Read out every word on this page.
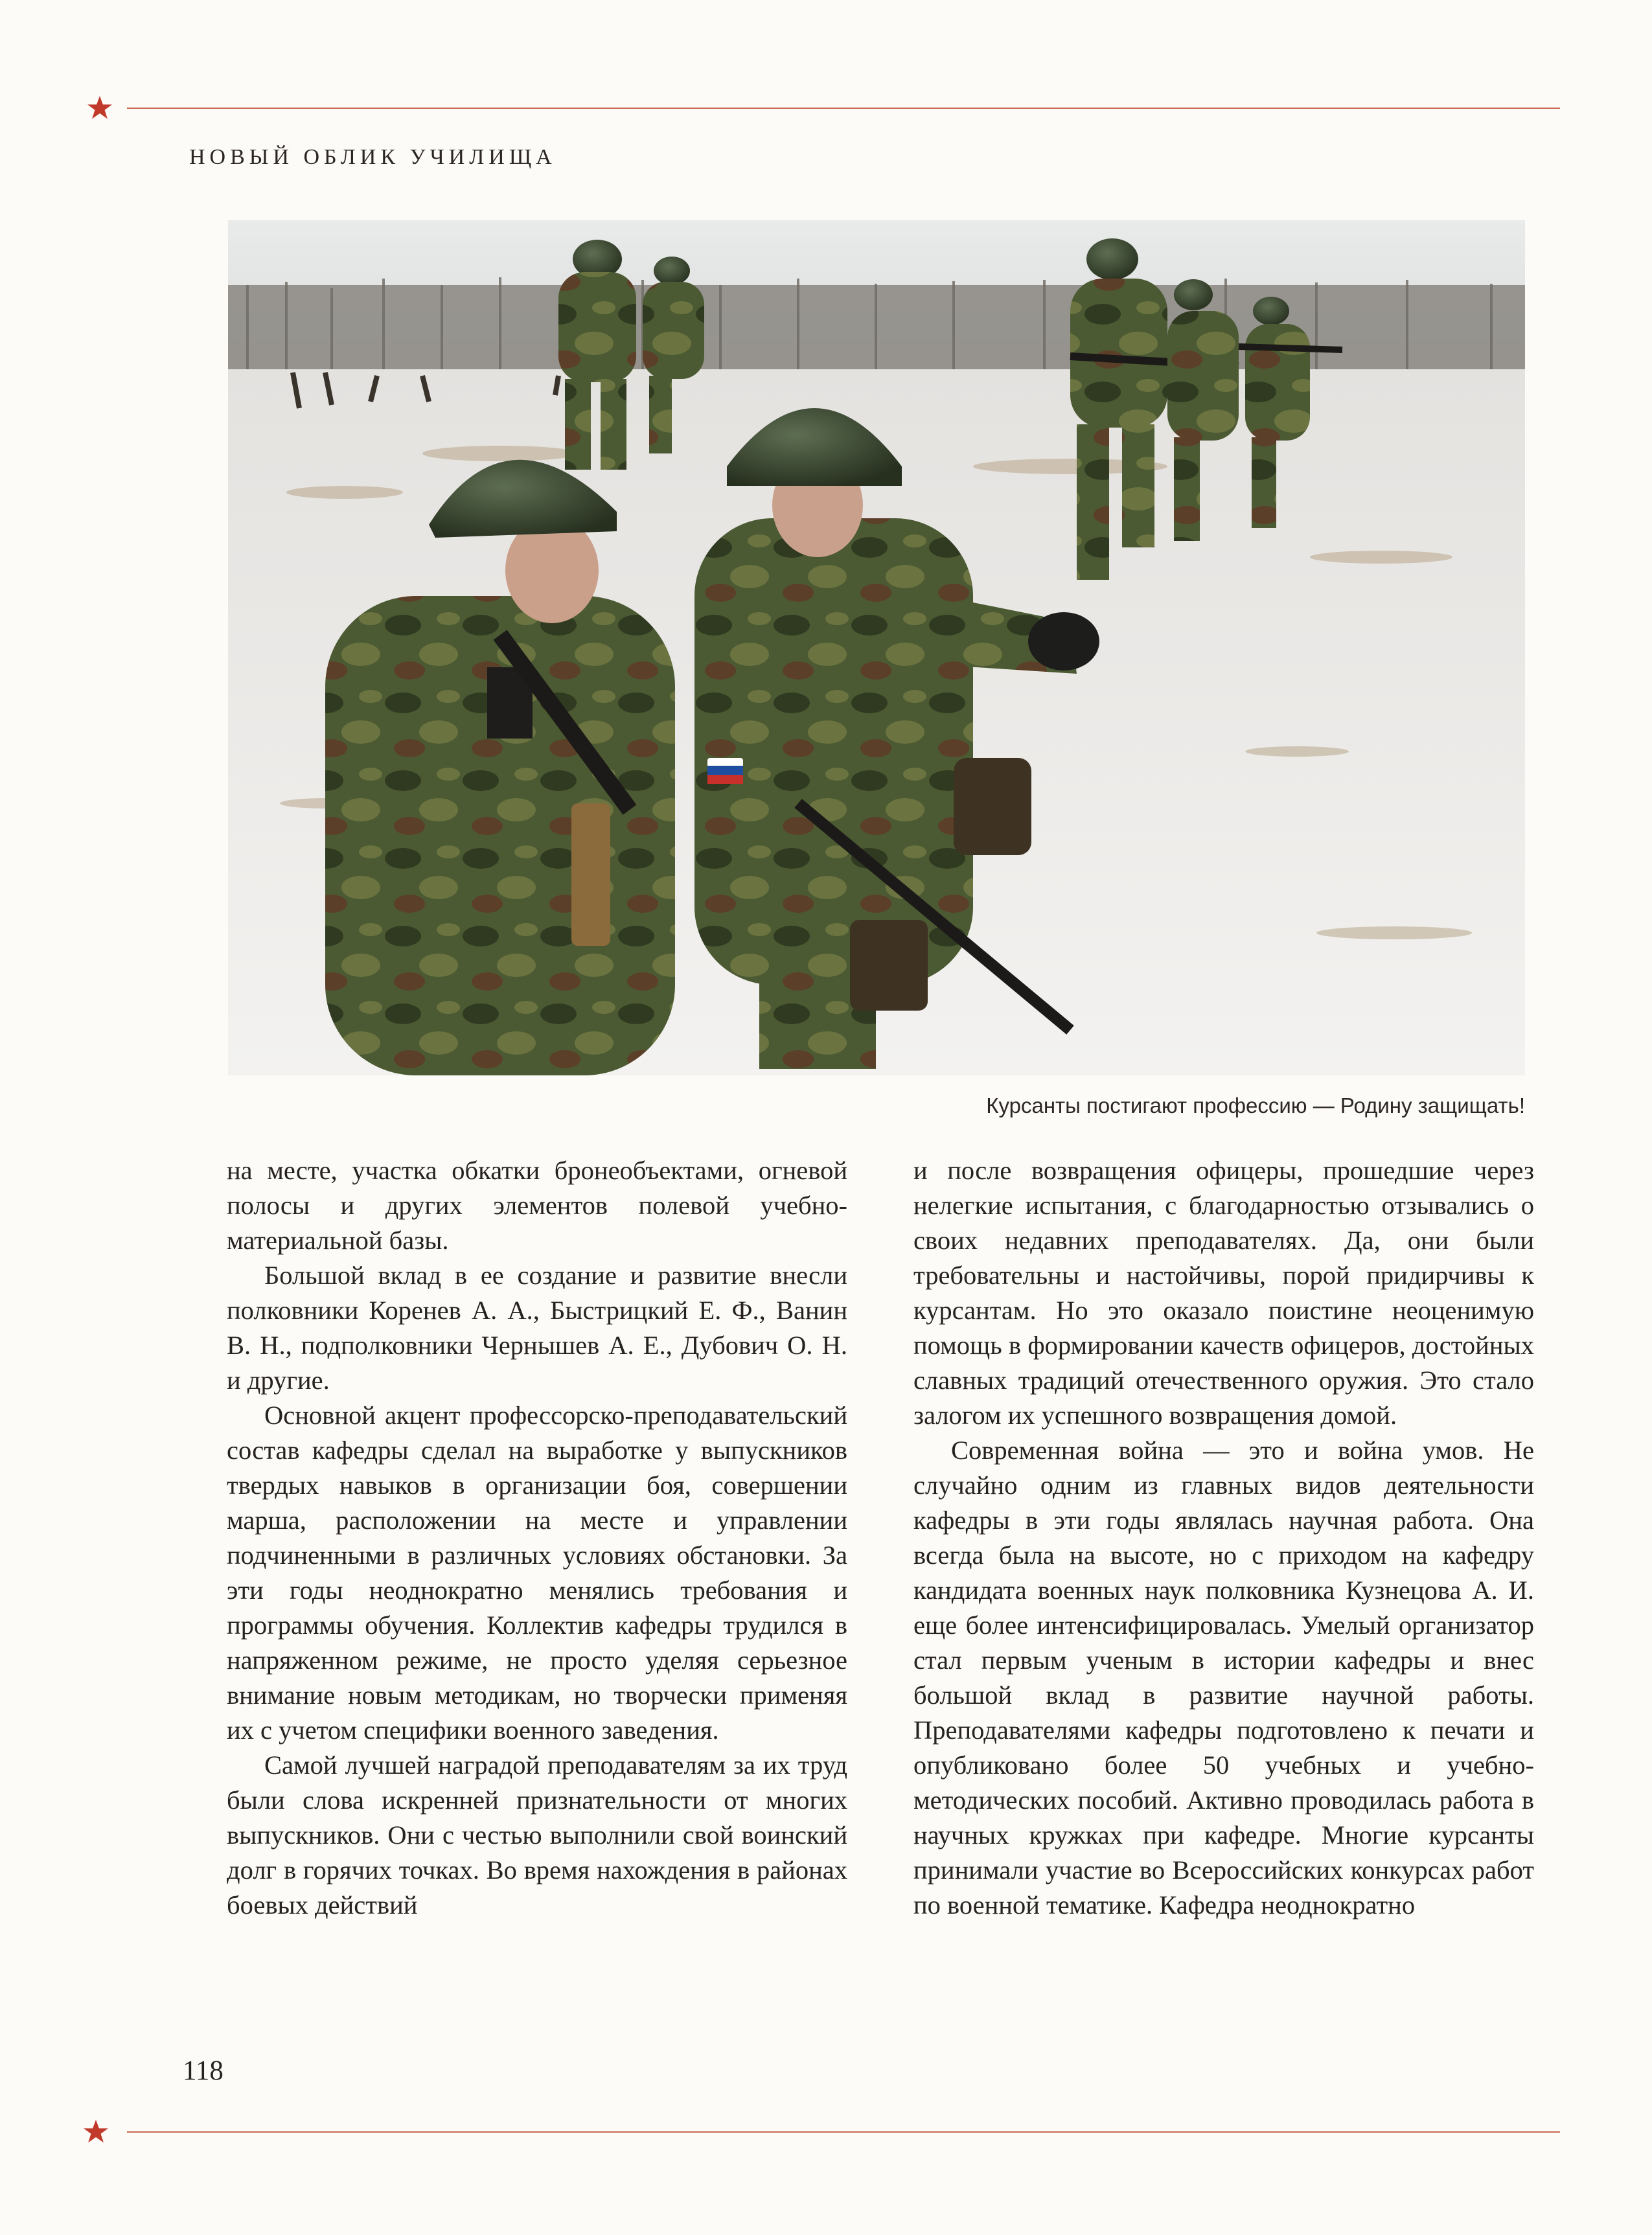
НОВЫЙ ОБЛИК УЧИЛИЩА
Курсанты постигают профессию — Родину защищать!

на месте, участка обкатки бронеобъектами, огневой полосы и других элементов полевой учебно-материальной базы.

Большой вклад в ее создание и развитие внесли полковники Коренев А. А., Быстрицкий Е. Ф., Ванин В. Н., подполковники Чернышев А. Е., Дубович О. Н. и другие.

Основной акцент профессорско-преподавательский состав кафедры сделал на выработке у выпускников твердых навыков в организации боя, совершении марша, расположении на месте и управлении подчиненными в различных условиях обстановки. За эти годы неоднократно менялись требования и программы обучения. Коллектив кафедры трудился в напряженном режиме, не просто уделяя серьезное внимание новым методикам, но творчески применяя их с учетом специфики военного заведения.

Самой лучшей наградой преподавателям за их труд были слова искренней признательности от многих выпускников. Они с честью выполнили свой воинский долг в горячих точках. Во время нахождения в районах боевых действий

и после возвращения офицеры, прошедшие через нелегкие испытания, с благодарностью отзывались о своих недавних преподавателях. Да, они были требовательны и настойчивы, порой придирчивы к курсантам. Но это оказало поистине неоценимую помощь в формировании качеств офицеров, достойных славных традиций отечественного оружия. Это стало залогом их успешного возвращения домой.

Современная война — это и война умов. Не случайно одним из главных видов деятельности кафедры в эти годы являлась научная работа. Она всегда была на высоте, но с приходом на кафедру кандидата военных наук полковника Кузнецова А. И. еще более интенсифицировалась. Умелый организатор стал первым ученым в истории кафедры и внес большой вклад в развитие научной работы. Преподавателями кафедры подготовлено к печати и опубликовано более 50 учебных и учебно-методических пособий. Активно проводилась работа в научных кружках при кафедре. Многие курсанты принимали участие во Всероссийских конкурсах работ по военной тематике. Кафедра неоднократно

118
